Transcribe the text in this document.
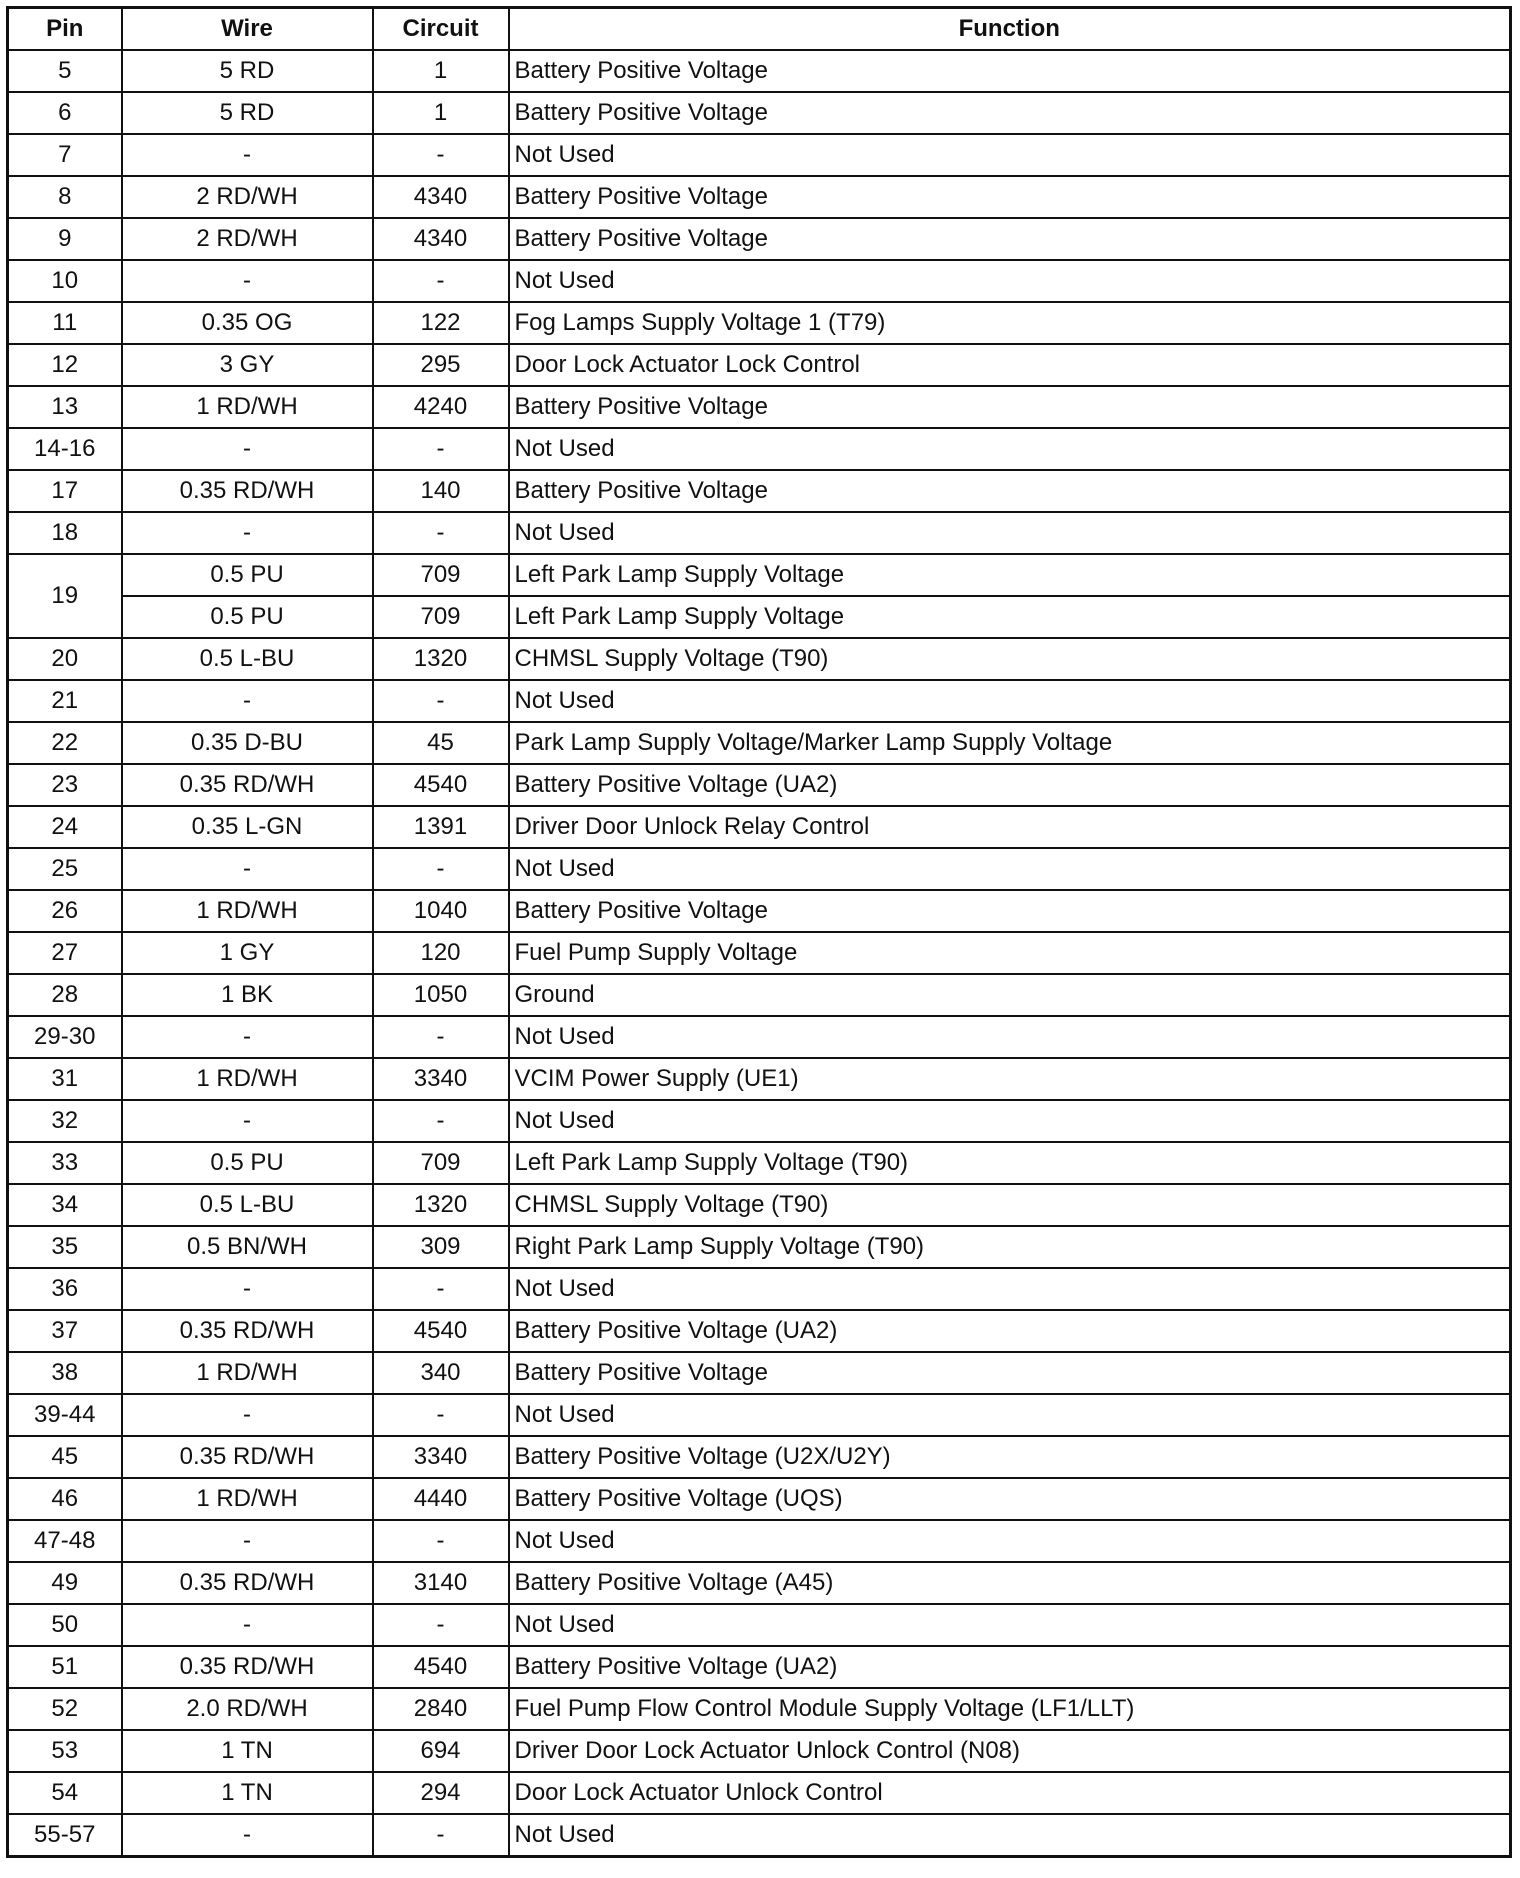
Pin	Wire	Circuit	Function
5	5 RD	1	Battery Positive Voltage
6	5 RD	1	Battery Positive Voltage
7	-	-	Not Used
8	2 RD/WH	4340	Battery Positive Voltage
9	2 RD/WH	4340	Battery Positive Voltage
10	-	-	Not Used
11	0.35 OG	122	Fog Lamps Supply Voltage 1 (T79)
12	3 GY	295	Door Lock Actuator Lock Control
13	1 RD/WH	4240	Battery Positive Voltage
14-16	-	-	Not Used
17	0.35 RD/WH	140	Battery Positive Voltage
18	-	-	Not Used
19	0.5 PU	709	Left Park Lamp Supply Voltage
	0.5 PU	709	Left Park Lamp Supply Voltage
20	0.5 L-BU	1320	CHMSL Supply Voltage (T90)
21	-	-	Not Used
22	0.35 D-BU	45	Park Lamp Supply Voltage/Marker Lamp Supply Voltage
23	0.35 RD/WH	4540	Battery Positive Voltage (UA2)
24	0.35 L-GN	1391	Driver Door Unlock Relay Control
25	-	-	Not Used
26	1 RD/WH	1040	Battery Positive Voltage
27	1 GY	120	Fuel Pump Supply Voltage
28	1 BK	1050	Ground
29-30	-	-	Not Used
31	1 RD/WH	3340	VCIM Power Supply (UE1)
32	-	-	Not Used
33	0.5 PU	709	Left Park Lamp Supply Voltage (T90)
34	0.5 L-BU	1320	CHMSL Supply Voltage (T90)
35	0.5 BN/WH	309	Right Park Lamp Supply Voltage (T90)
36	-	-	Not Used
37	0.35 RD/WH	4540	Battery Positive Voltage (UA2)
38	1 RD/WH	340	Battery Positive Voltage
39-44	-	-	Not Used
45	0.35 RD/WH	3340	Battery Positive Voltage (U2X/U2Y)
46	1 RD/WH	4440	Battery Positive Voltage (UQS)
47-48	-	-	Not Used
49	0.35 RD/WH	3140	Battery Positive Voltage (A45)
50	-	-	Not Used
51	0.35 RD/WH	4540	Battery Positive Voltage (UA2)
52	2.0 RD/WH	2840	Fuel Pump Flow Control Module Supply Voltage (LF1/LLT)
53	1 TN	694	Driver Door Lock Actuator Unlock Control (N08)
54	1 TN	294	Door Lock Actuator Unlock Control
55-57	-	-	Not Used
